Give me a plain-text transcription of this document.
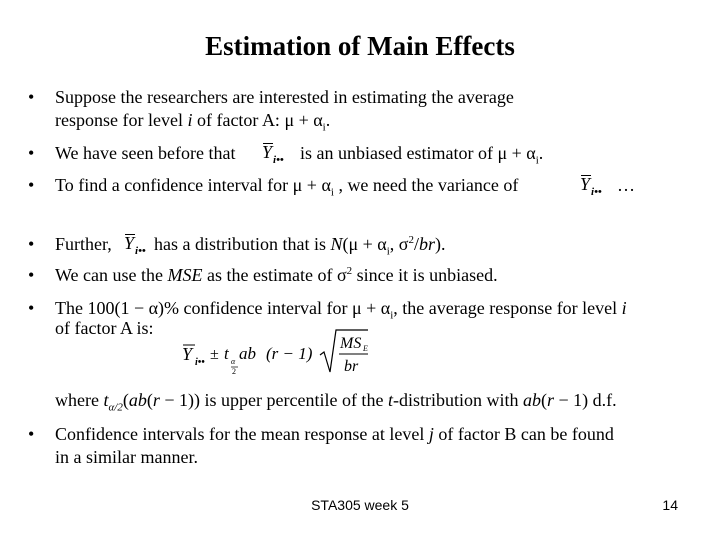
Estimation of Main Effects
• Suppose the researchers are interested in estimating the average
response for level i of factor A: $\mu + \alpha_i$.
• We have seen before that $Y_{i••}$ is an unbiased estimator of $\mu + \alpha_i$.
• To find a confidence interval for $\mu + \alpha_i$ , we need the variance of	$Y_{i••}$ …
• Further, $Y_{i••}$ has a distribution that is $N(\mu + \alpha_i$, $\sigma^2/br$).
• We can use the MSE as the estimate of $\sigma^2$ since it is unbiased.
• The 100(1 − α)% confidence interval for $\mu + \alpha_i$, the average response for level i
of factor A is:
Y i•• ± t α
2
ab (r − 1)
MS E
br
where $t_{\alpha/2}(ab(r - 1))$ is upper percentile of the t-distribution with ab(r − 1) d.f.
• Confidence intervals for the mean response at level j of factor B can be found
in a similar manner.
STA305 week 5	14
